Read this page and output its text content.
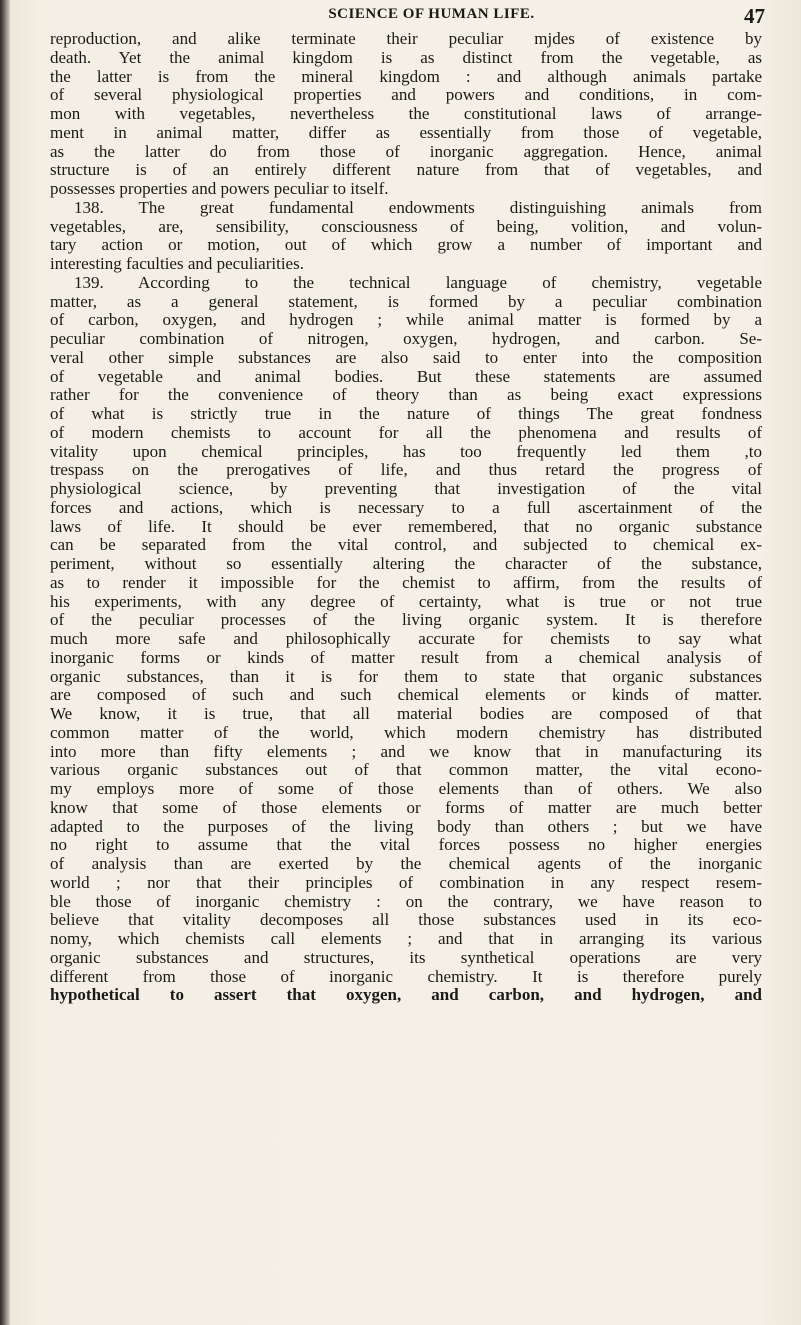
SCIENCE OF HUMAN LIFE.	47
reproduction, and alike terminate their peculiar mjdes of existence by
death. Yet the animal kingdom is as distinct from the vegetable, as
the latter is from the mineral kingdom : and although animals partake
of several physiological properties and powers and conditions, in com-
mon with vegetables, nevertheless the constitutional laws of arrange-
ment in animal matter, differ as essentially from those of vegetable,
as the latter do from those of inorganic aggregation. Hence, animal
structure is of an entirely different nature from that of vegetables, and
possesses properties and powers peculiar to itself.
138. The great fundamental endowments distinguishing animals from
vegetables, are, sensibility, consciousness of being, volition, and volun-
tary action or motion, out of which grow a number of important and
interesting faculties and peculiarities.
139. According to the technical language of chemistry, vegetable
matter, as a general statement, is formed by a peculiar combination
of carbon, oxygen, and hydrogen ; while animal matter is formed by a
peculiar combination of nitrogen, oxygen, hydrogen, and carbon. Se-
veral other simple substances are also said to enter into the composition
of vegetable and animal bodies. But these statements are assumed
rather for the convenience of theory than as being exact expressions
of what is strictly true in the nature of things The great fondness
of modern chemists to account for all the phenomena and results of
vitality upon chemical principles, has too frequently led them ,to
trespass on the prerogatives of life, and thus retard the progress of
physiological science, by preventing that investigation of the vital
forces and actions, which is necessary to a full ascertainment of the
laws of life. It should be ever remembered, that no organic substance
can be separated from the vital control, and subjected to chemical ex-
periment, without so essentially altering the character of the substance,
as to render it impossible for the chemist to affirm, from the results of
his experiments, with any degree of certainty, what is true or not true
of the peculiar processes of the living organic system. It is therefore
much more safe and philosophically accurate for chemists to say what
inorganic forms or kinds of matter result from a chemical analysis of
organic substances, than it is for them to state that organic substances
are composed of such and such chemical elements or kinds of matter.
We know, it is true, that all material bodies are composed of that
common matter of the world, which modern chemistry has distributed
into more than fifty elements ; and we know that in manufacturing its
various organic substances out of that common matter, the vital econo-
my employs more of some of those elements than of others. We also
know that some of those elements or forms of matter are much better
adapted to the purposes of the living body than others ; but we have
no right to assume that the vital forces possess no higher energies
of analysis than are exerted by the chemical agents of the inorganic
world ; nor that their principles of combination in any respect resem-
ble those of inorganic chemistry : on the contrary, we have reason to
believe that vitality decomposes all those substances used in its eco-
nomy, which chemists call elements ; and that in arranging its various
organic substances and structures, its synthetical operations are very
different from those of inorganic chemistry. It is therefore purely
hypothetical to assert that oxygen, and carbon, and hydrogen, and
